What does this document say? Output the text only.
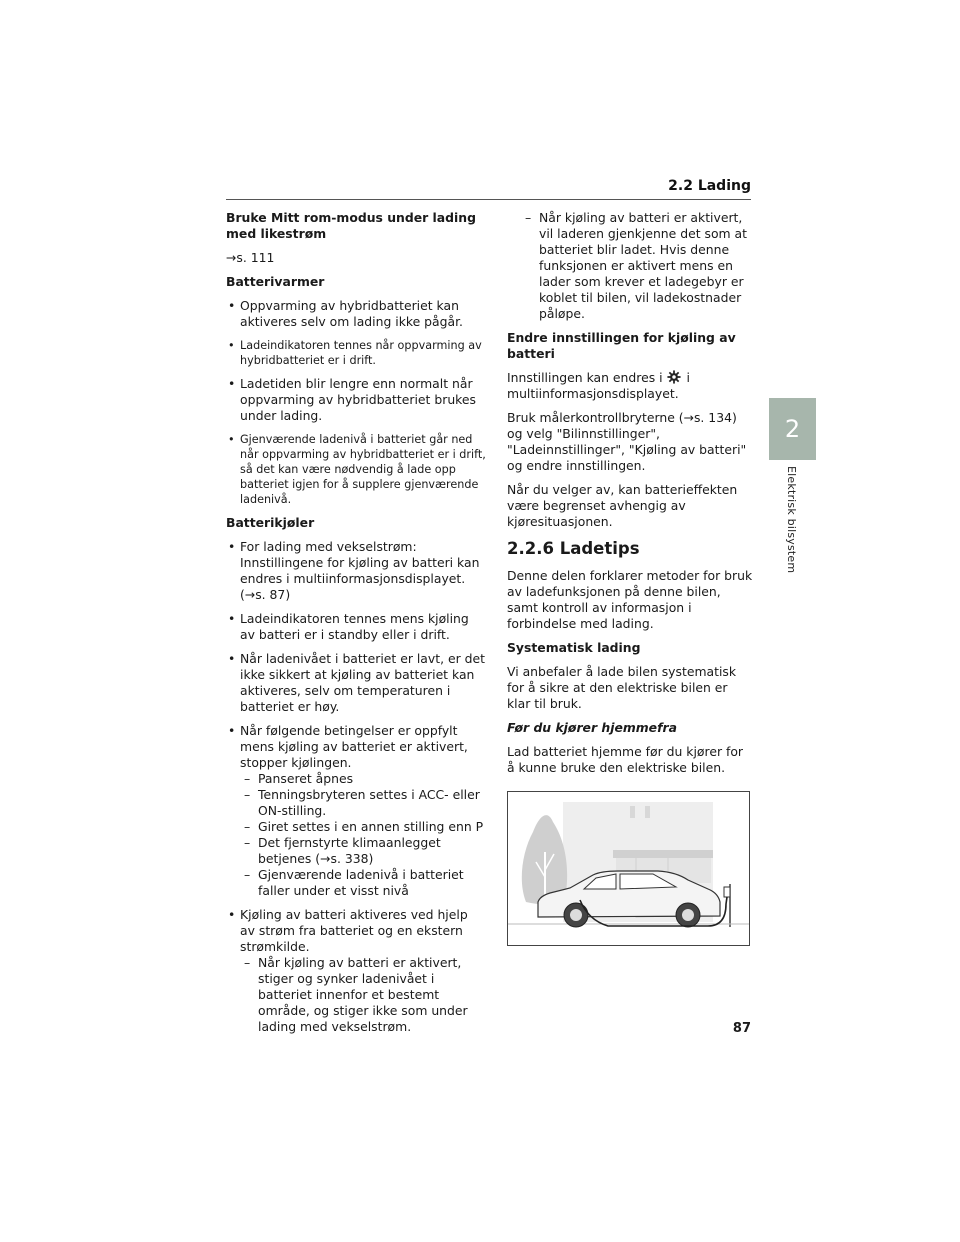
2.2 Lading
2
Elektrisk bilsystem

Bruke Mitt rom-modus under lading med likestrøm

→s. 111

Batterivarmer

• Oppvarming av hybridbatteriet kan aktiveres selv om lading ikke pågår.
• Ladeindikatoren tennes når oppvarming av hybridbatteriet er i drift.
• Ladetiden blir lengre enn normalt når oppvarming av hybridbatteriet brukes under lading.
• Gjenværende ladenivå i batteriet går ned når oppvarming av hybridbatteriet er i drift, så det kan være nødvendig å lade opp batteriet igjen for å supplere gjenværende ladenivå.

Batterikjøler

• For lading med vekselstrøm: Innstillingene for kjøling av batteri kan endres i multiinformasjonsdisplayet. (→s. 87)
• Ladeindikatoren tennes mens kjøling av batteri er i standby eller i drift.
• Når ladenivået i batteriet er lavt, er det ikke sikkert at kjøling av batteriet kan aktiveres, selv om temperaturen i batteriet er høy.
• Når følgende betingelser er oppfylt mens kjøling av batteriet er aktivert, stopper kjølingen.
– Panseret åpnes
– Tenningsbryteren settes i ACC- eller ON-stilling.
– Giret settes i en annen stilling enn P
– Det fjernstyrte klimaanlegget betjenes (→s. 338)
– Gjenværende ladenivå i batteriet faller under et visst nivå
• Kjøling av batteri aktiveres ved hjelp av strøm fra batteriet og en ekstern strømkilde.
– Når kjøling av batteri er aktivert, stiger og synker ladenivået i batteriet innenfor et bestemt område, og stiger ikke som under lading med vekselstrøm.
– Når kjøling av batteri er aktivert, vil laderen gjenkjenne det som at batteriet blir ladet. Hvis denne funksjonen er aktivert mens en lader som krever et ladegebyr er koblet til bilen, vil ladekostnader påløpe.

Endre innstillingen for kjøling av batteri

Innstillingen kan endres i i multiinformasjonsdisplayet.

Bruk målerkontrollbryterne (→s. 134) og velg "Bilinnstillinger", "Ladeinnstillinger", "Kjøling av batteri" og endre innstillingen.

Når du velger av, kan batterieffekten være begrenset avhengig av kjøresituasjonen.

2.2.6 Ladetips

Denne delen forklarer metoder for bruk av ladefunksjonen på denne bilen, samt kontroll av informasjon i forbindelse med lading.

Systematisk lading

Vi anbefaler å lade bilen systematisk for å sikre at den elektriske bilen er klar til bruk.

Før du kjører hjemmefra

Lad batteriet hjemme før du kjører for å kunne bruke den elektriske bilen.

87
